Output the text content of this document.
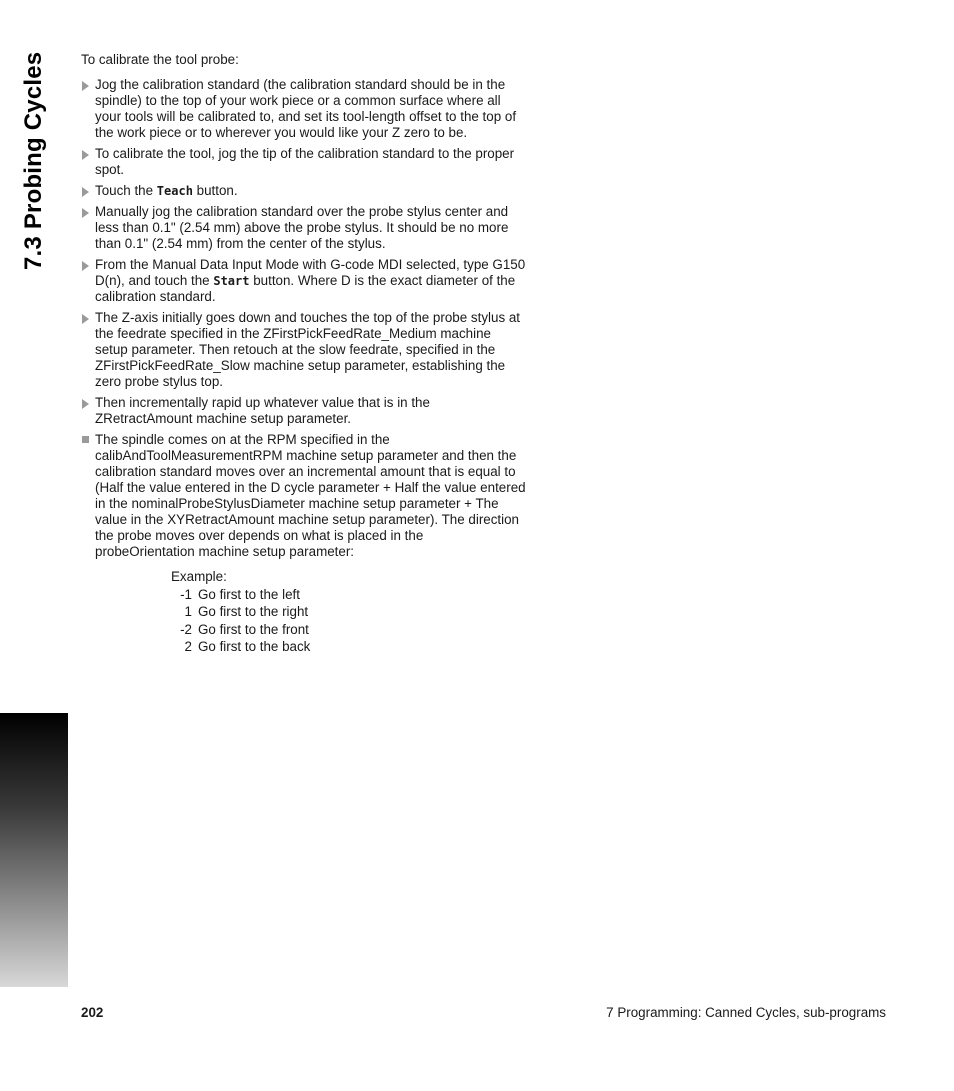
7.3 Probing Cycles	To calibrate the tool probe:

Jog the calibration standard (the calibration standard should be in the spindle) to the top of your work piece or a common surface where all your tools will be calibrated to, and set its tool-length offset to the top of the work piece or to wherever you would like your Z zero to be.
To calibrate the tool, jog the tip of the calibration standard to the proper spot.
Touch the Teach button.
Manually jog the calibration standard over the probe stylus center and less than 0.1" (2.54 mm) above the probe stylus. It should be no more than 0.1" (2.54 mm) from the center of the stylus.
From the Manual Data Input Mode with G-code MDI selected, type G150 D(n), and touch the Start button. Where D is the exact diameter of the calibration standard.
The Z-axis initially goes down and touches the top of the probe stylus at the feedrate specified in the ZFirstPickFeedRate_Medium machine setup parameter. Then retouch at the slow feedrate, specified in the ZFirstPickFeedRate_Slow machine setup parameter, establishing the zero probe stylus top.
Then incrementally rapid up whatever value that is in the ZRetractAmount machine setup parameter.
The spindle comes on at the RPM specified in the calibAndToolMeasurementRPM machine setup parameter and then the calibration standard moves over an incremental amount that is equal to (Half the value entered in the D cycle parameter + Half the value entered in the nominalProbeStylusDiameter machine setup parameter + The value in the XYRetractAmount machine setup parameter). The direction the probe moves over depends on what is placed in the probeOrientation machine setup parameter:
Example:
-1 Go first to the left
1 Go first to the right
-2 Go first to the front
2 Go first to the back
202	7 Programming: Canned Cycles, sub-programs
